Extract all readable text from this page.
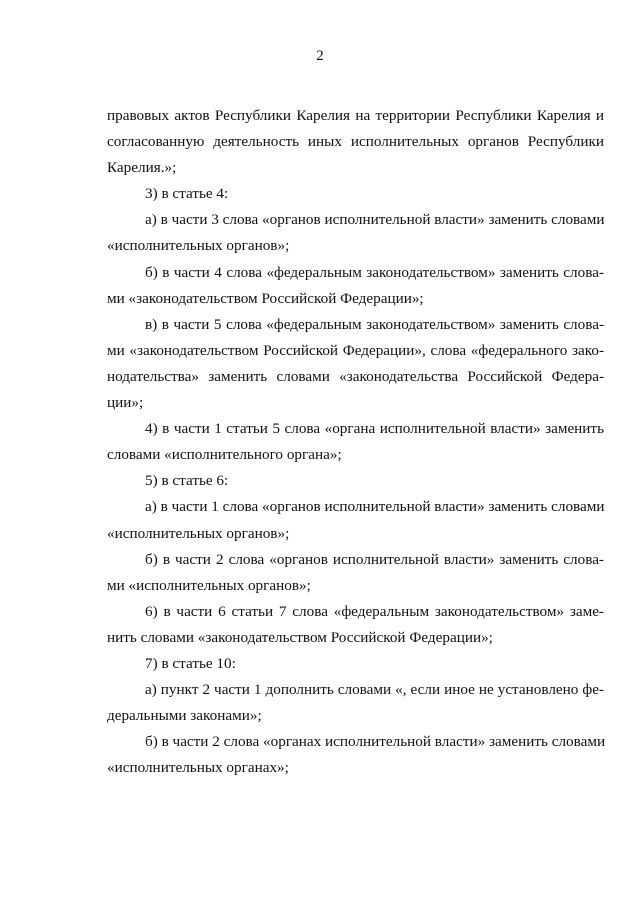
2
правовых актов Республики Карелия на территории Республики Карелия и
согласованную деятельность иных исполнительных органов Республики
Карелия.»;
3) в статье 4:
а) в части 3 слова «органов исполнительной власти» заменить словами
«исполнительных органов»;
б) в части 4 слова «федеральным законодательством» заменить слова-
ми «законодательством Российской Федерации»;
в) в части 5 слова «федеральным законодательством» заменить слова-
ми «законодательством Российской Федерации», слова «федерального зако-
нодательства» заменить словами «законодательства Российской Федера-
ции»;
4) в части 1 статьи 5 слова «органа исполнительной власти» заменить
словами «исполнительного органа»;
5) в статье 6:
а) в части 1 слова «органов исполнительной власти» заменить словами
«исполнительных органов»;
б) в части 2 слова «органов исполнительной власти» заменить слова-
ми «исполнительных органов»;
6) в части 6 статьи 7 слова «федеральным законодательством» заме-
нить словами «законодательством Российской Федерации»;
7) в статье 10:
а) пункт 2 части 1 дополнить словами «, если иное не установлено фе-
деральными законами»;
б) в части 2 слова «органах исполнительной власти» заменить словами
«исполнительных органах»;
